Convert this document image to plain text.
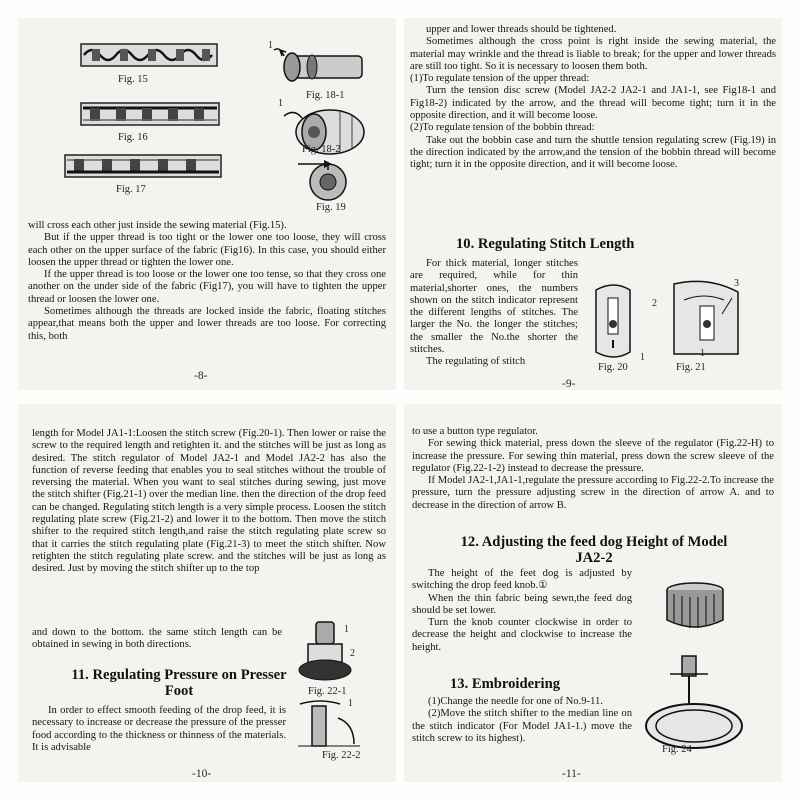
Fig. 15
Fig. 16
Fig. 17
1
Fig. 18-1
1
Fig. 18-2
Fig. 19

will cross each other just inside the sewing material (Fig.15).

But if the upper thread is too tight or the lower one too loose, they will cross each other on the upper surface of the fabric (Fig16). In this case, you should either loosen the upper thread or tighten the lower one.

If the upper thread is too loose or the lower one too tense, so that they cross one another on the under side of the fabric (Fig17), you will have to tighten the upper thread or loosen the lower one.

Sometimes although the threads are locked inside the fabric, floating stitches appear,that means both the upper and lower threads are too loose. For correcting this, both

-8-

upper and lower threads should be tightened.

Sometimes although the cross point is right inside the sewing material, the material may wrinkle and the thread is liable to break; for the upper and lower threads are still too tight. So it is necessary to loosen them both.

(1)To regulate tension of the upper thread:

Turn the tension disc screw (Model JA2-2 JA2-1 and JA1-1, see Fig18-1 and Fig18-2) indicated by the arrow, and the thread will become tight; turn it in the opposite direction, and it will become loose.

(2)To regulate tension of the bobbin thread:

Take out the bobbin case and turn the shuttle tension regulating screw (Fig.19) in the direction indicated by the arrow,and the tension of the bobbin thread will become tight; turn it in the opposite direction, and it will become loose.

10. Regulating Stitch Length

For thick material, longer stitches are required, while for thin material,shorter ones, the numbers shown on the stitch indicator represent the different lengths of stitches. The larger the No. the longer the stitches; the smaller the No.the shorter the stitches.

The regulating of stitch	1
Fig. 20
2
3
1
Fig. 21
-9-

length for Model JA1-1:Loosen the stitch screw (Fig.20-1). Then lower or raise the screw to the required length and retighten it. and the stitches will be just as long as desired. The stitch regulator of Model JA2-1 and Model JA2-2 has also the function of reverse feeding that enables you to seal stitches without the trouble of reversing the material. When you want to seal stitches during sewing, just move the stitch shifter (Fig.21-1) over the median line. then the direction of the drop feed can be changed. Regulating stitch length is a very simple process. Loosen the stitch regulating plate screw (Fig.21-2) and lower it to the bottom. Then move the stitch shifter to the required stitch length,and raise the stitch regulating plate screw so that it carries the stitch regulating plate (Fig.21-3) to meet the stitch shifter. Now retighten the stitch regulating plate screw. and the stitches will be just as long as desired. Just by moving the stitch shifter up to the top

and down to the bottom. the same stitch length can be obtained in sewing in both directions.

11. Regulating Pressure on Presser Foot

In order to effect smooth feeding of the drop feed, it is necessary to increase or decrease the pressure of the presser food according to the thickness or thinness of the materials. It is advisable

1
2
Fig. 22-1
1
Fig. 22-2
-10-

to use a button type regulator.

For sewing thick material, press down the sleeve of the regulator (Fig.22-H) to increase the pressure. For sewing thin material, press down the screw sleeve of the regulator (Fig.22-1-2) instead to decrease the pressure.

If Model JA2-1,JA1-1,regulate the pressure according to Fig.22-2.To increase the pressure, turn the pressure adjusting screw in the direction of arrow A. and to decrease in the direction of arrow B.

12. Adjusting the feed dog Height of Model JA2-2

The height of the feet dog is adjusted by switching the drop feed knob.①

When the thin fabric being sewn,the feed dog should be set lower.

Turn the knob counter clockwise in order to decrease the height and clockwise to increase the height.

13. Embroidering

(1)Change the needle for one of No.9-11.

(2)Move the stitch shifter to the median line on the stitch indicator (For Model JA1-1.) move the stitch screw to its highest).

Fig. 24
-11-
